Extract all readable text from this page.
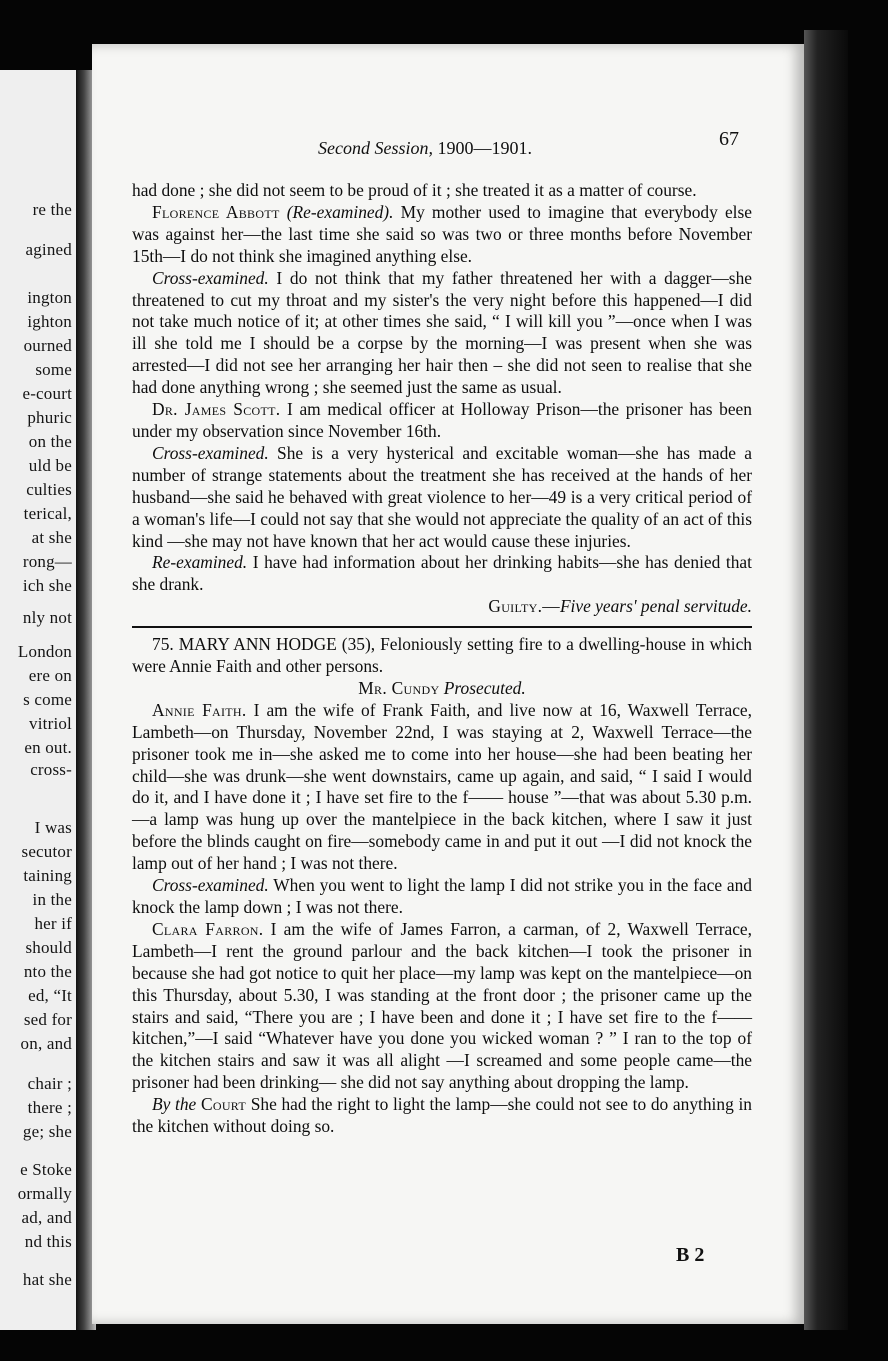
re the
agined
ington
ighton
ourned
some
e-court
phuric
on the
uld be
culties
terical,
at she
rong—
ich she
nly not
London
ere on
s come
vitriol
en out.
cross-
I was
secutor
taining
in the
her if
should
nto the
ed, “It
sed for
on, and
chair ;
there ;
ge; she
e Stoke
ormally
ad, and
nd this
hat she
Second Session, 1900—1901.	67

had done ; she did not seem to be proud of it ; she treated it as a matter of course.

Florence Abbott (Re-examined). My mother used to imagine that everybody else was against her—the last time she said so was two or three months before November 15th—I do not think she imagined anything else.

Cross-examined. I do not think that my father threatened her with a dagger—she threatened to cut my throat and my sister's the very night before this happened—I did not take much notice of it; at other times she said, “ I will kill you ”—once when I was ill she told me I should be a corpse by the morning—I was present when she was arrested—I did not see her arranging her hair then – she did not seen to realise that she had done anything wrong ; she seemed just the same as usual.

Dr. James Scott. I am medical officer at Holloway Prison—the prisoner has been under my observation since November 16th.

Cross-examined. She is a very hysterical and excitable woman—she has made a number of strange statements about the treatment she has received at the hands of her husband—she said he behaved with great violence to her—49 is a very critical period of a woman's life—I could not say that she would not appreciate the quality of an act of this kind —she may not have known that her act would cause these injuries.

Re-examined. I have had information about her drinking habits—she has denied that she drank.

Guilty.—Five years' penal servitude.

75. MARY ANN HODGE (35), Feloniously setting fire to a dwelling-house in which were Annie Faith and other persons.

Mr. Cundy Prosecuted.

Annie Faith. I am the wife of Frank Faith, and live now at 16, Waxwell Terrace, Lambeth—on Thursday, November 22nd, I was staying at 2, Waxwell Terrace—the prisoner took me in—she asked me to come into her house—she had been beating her child—she was drunk—she went downstairs, came up again, and said, “ I said I would do it, and I have done it ; I have set fire to the f—— house ”—that was about 5.30 p.m.—a lamp was hung up over the mantelpiece in the back kitchen, where I saw it just before the blinds caught on fire—somebody came in and put it out —I did not knock the lamp out of her hand ; I was not there.

Cross-examined. When you went to light the lamp I did not strike you in the face and knock the lamp down ; I was not there.

Clara Farron. I am the wife of James Farron, a carman, of 2, Waxwell Terrace, Lambeth—I rent the ground parlour and the back kitchen—I took the prisoner in because she had got notice to quit her place—my lamp was kept on the mantelpiece—on this Thursday, about 5.30, I was standing at the front door ; the prisoner came up the stairs and said, “There you are ; I have been and done it ; I have set fire to the f—— kitchen,”—I said “Whatever have you done you wicked woman ? ” I ran to the top of the kitchen stairs and saw it was all alight —I screamed and some people came—the prisoner had been drinking— she did not say anything about dropping the lamp.

By the Court She had the right to light the lamp—she could not see to do anything in the kitchen without doing so.

B 2
